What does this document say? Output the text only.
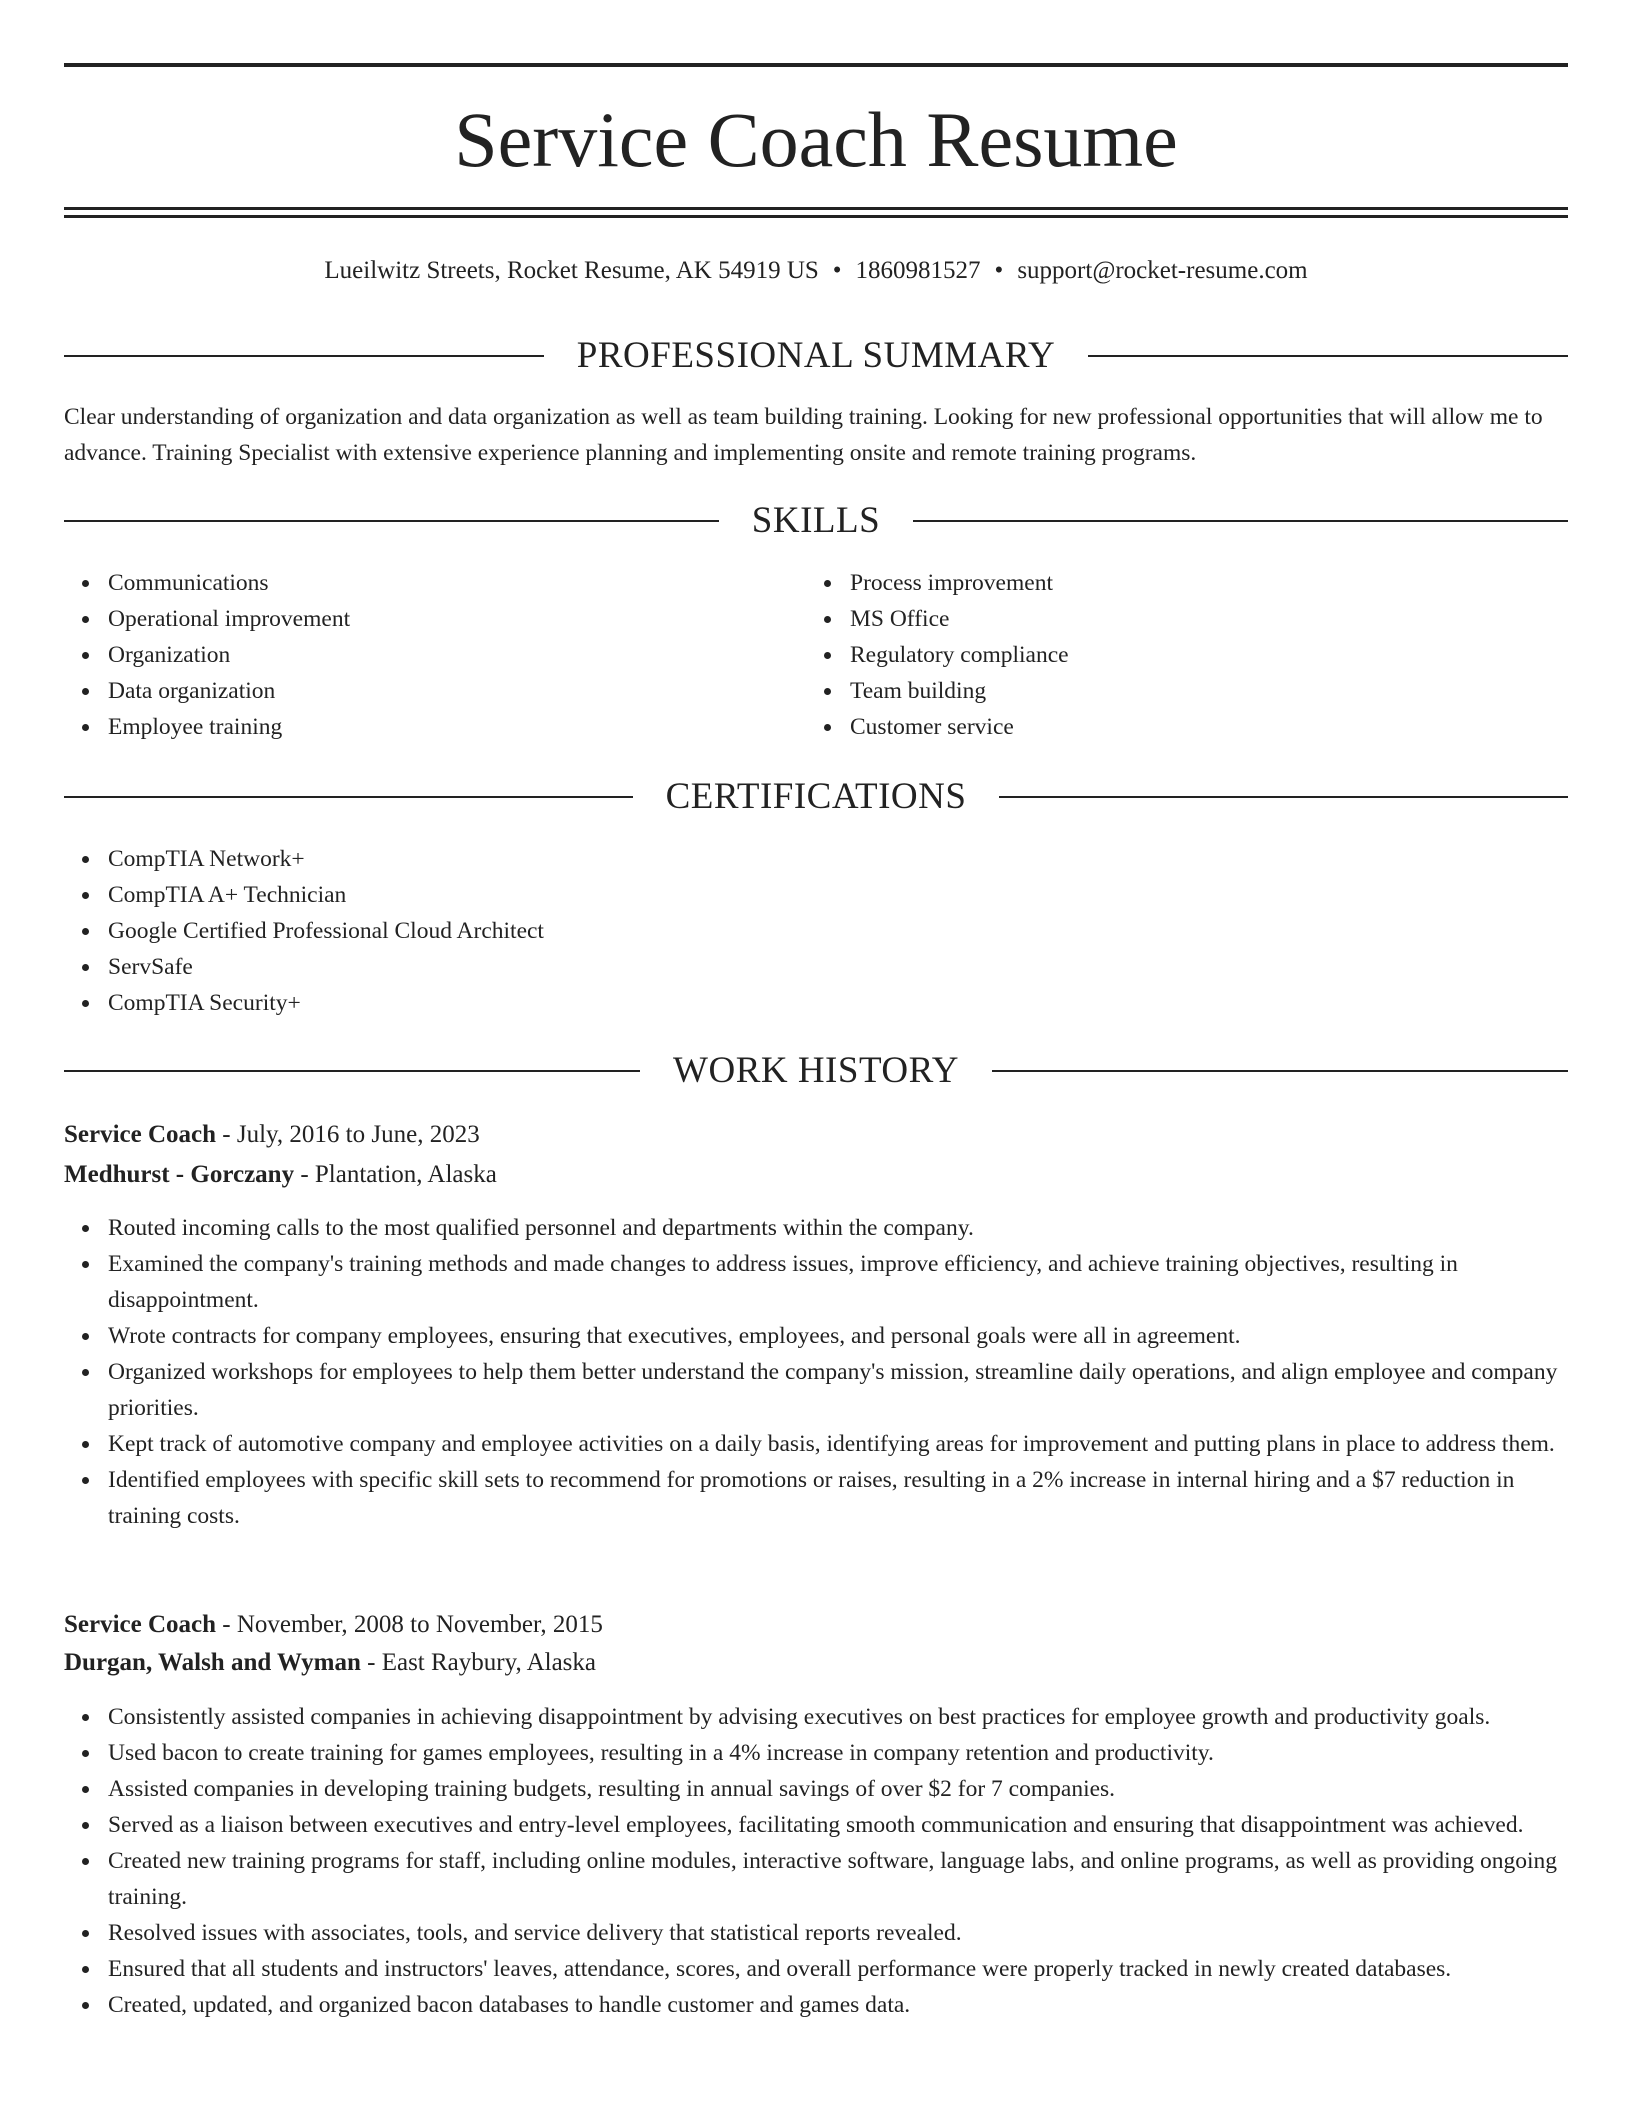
Service Coach Resume
Lueilwitz Streets, Rocket Resume, AK 54919 US • 1860981527 • support@rocket-resume.com
PROFESSIONAL SUMMARY
Clear understanding of organization and data organization as well as team building training. Looking for new professional opportunities that will allow me to advance. Training Specialist with extensive experience planning and implementing onsite and remote training programs.
SKILLS
Communications
Operational improvement
Organization
Data organization
Employee training
Process improvement
MS Office
Regulatory compliance
Team building
Customer service
CERTIFICATIONS
CompTIA Network+
CompTIA A+ Technician
Google Certified Professional Cloud Architect
ServSafe
CompTIA Security+
WORK HISTORY
Service Coach - July, 2016 to June, 2023
Medhurst - Gorczany - Plantation, Alaska
Routed incoming calls to the most qualified personnel and departments within the company.
Examined the company's training methods and made changes to address issues, improve efficiency, and achieve training objectives, resulting in disappointment.
Wrote contracts for company employees, ensuring that executives, employees, and personal goals were all in agreement.
Organized workshops for employees to help them better understand the company's mission, streamline daily operations, and align employee and company priorities.
Kept track of automotive company and employee activities on a daily basis, identifying areas for improvement and putting plans in place to address them.
Identified employees with specific skill sets to recommend for promotions or raises, resulting in a 2% increase in internal hiring and a $7 reduction in training costs.
Service Coach - November, 2008 to November, 2015
Durgan, Walsh and Wyman - East Raybury, Alaska
Consistently assisted companies in achieving disappointment by advising executives on best practices for employee growth and productivity goals.
Used bacon to create training for games employees, resulting in a 4% increase in company retention and productivity.
Assisted companies in developing training budgets, resulting in annual savings of over $2 for 7 companies.
Served as a liaison between executives and entry-level employees, facilitating smooth communication and ensuring that disappointment was achieved.
Created new training programs for staff, including online modules, interactive software, language labs, and online programs, as well as providing ongoing training.
Resolved issues with associates, tools, and service delivery that statistical reports revealed.
Ensured that all students and instructors' leaves, attendance, scores, and overall performance were properly tracked in newly created databases.
Created, updated, and organized bacon databases to handle customer and games data.
